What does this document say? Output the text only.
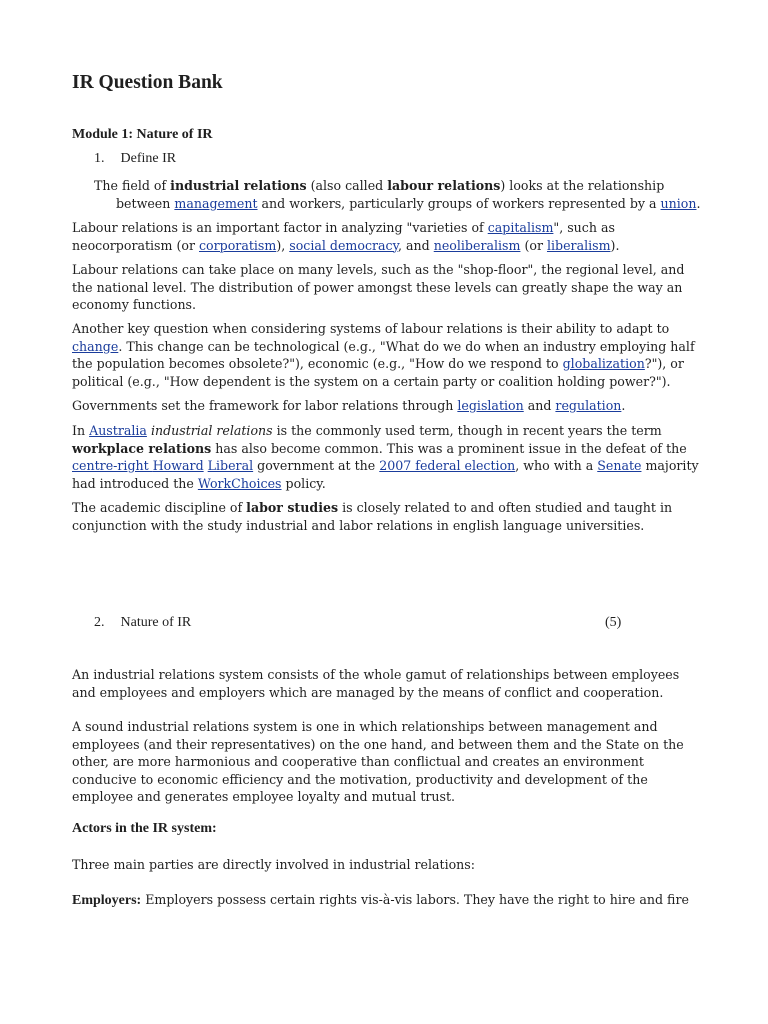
IR Question Bank
Module 1: Nature of IR
1. Define IR
The field of industrial relations (also called labour relations) looks at the relationship between management and workers, particularly groups of workers represented by a union.
Labour relations is an important factor in analyzing "varieties of capitalism", such as neocorporatism (or corporatism), social democracy, and neoliberalism (or liberalism).
Labour relations can take place on many levels, such as the "shop-floor", the regional level, and the national level. The distribution of power amongst these levels can greatly shape the way an economy functions.
Another key question when considering systems of labour relations is their ability to adapt to change. This change can be technological (e.g., "What do we do when an industry employing half the population becomes obsolete?"), economic (e.g., "How do we respond to globalization?"), or political (e.g., "How dependent is the system on a certain party or coalition holding power?").
Governments set the framework for labor relations through legislation and regulation.
In Australia industrial relations is the commonly used term, though in recent years the term workplace relations has also become common. This was a prominent issue in the defeat of the centre-right Howard Liberal government at the 2007 federal election, who with a Senate majority had introduced the WorkChoices policy.
The academic discipline of labor studies is closely related to and often studied and taught in conjunction with the study industrial and labor relations in english language universities.
2. Nature of IR	(5)
An industrial relations system consists of the whole gamut of relationships between employees and employees and employers which are managed by the means of conflict and cooperation.
A sound industrial relations system is one in which relationships between management and employees (and their representatives) on the one hand, and between them and the State on the other, are more harmonious and cooperative than conflictual and creates an environment conducive to economic efficiency and the motivation, productivity and development of the employee and generates employee loyalty and mutual trust.
Actors in the IR system:
Three main parties are directly involved in industrial relations:
Employers: Employers possess certain rights vis-à-vis labors. They have the right to hire and fire
